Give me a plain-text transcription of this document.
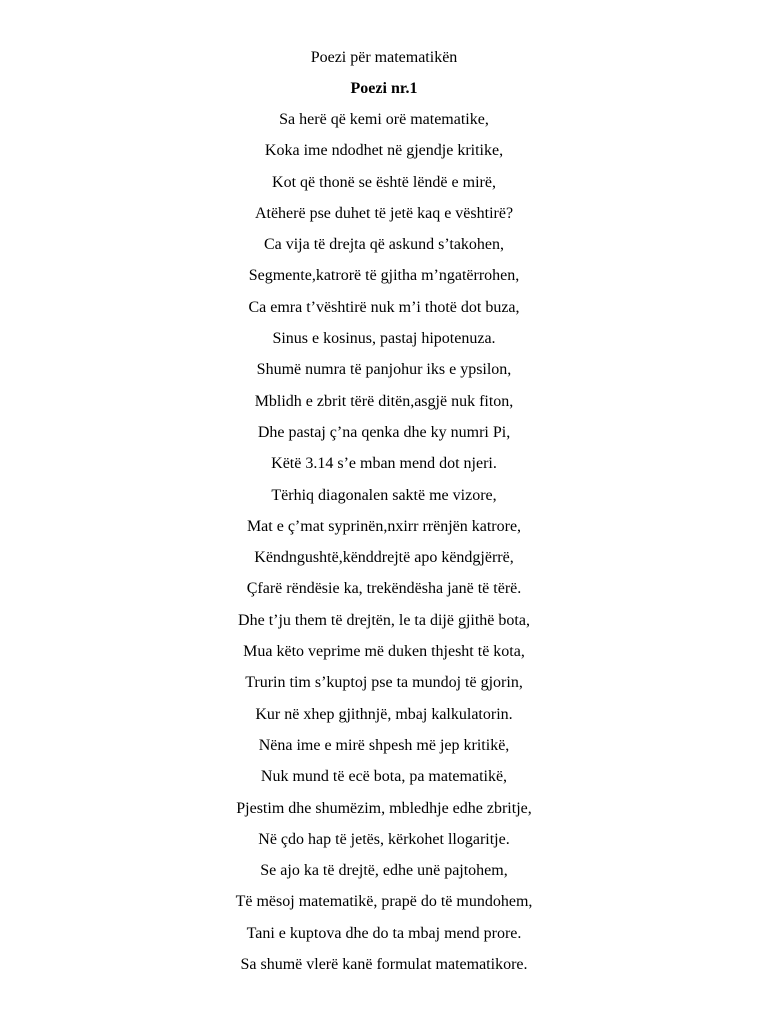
Poezi për matematikën
Poezi nr.1
Sa herë që kemi orë matematike,
Koka ime ndodhet në gjendje kritike,
Kot që thonë se është lëndë e mirë,
Atëherë pse duhet të jetë kaq e vështirë?
Ca vija të drejta që askund s’takohen,
Segmente,katrorë të gjitha m’ngatërrohen,
Ca emra t’vështirë nuk m’i thotë dot buza,
Sinus e kosinus, pastaj hipotenuza.
Shumë numra të panjohur iks e ypsilon,
Mblidh e zbrit tërë ditën,asgjë nuk fiton,
Dhe pastaj ç’na qenka dhe ky numri Pi,
Këtë 3.14 s’e mban mend dot njeri.
Tërhiq diagonalen saktë me vizore,
Mat e ç’mat syprinën,nxirr rrënjën katrore,
Këndngushtë,kënddrejtë apo këndgjërrë,
Çfarë rëndësie ka, trekëndësha janë të tërë.
Dhe t’ju them të drejtën, le ta dijë gjithë bota,
Mua këto veprime më duken thjesht të kota,
Trurin tim s’kuptoj pse ta mundoj të gjorin,
Kur në xhep gjithnjë, mbaj kalkulatorin.
Nëna ime e mirë shpesh më jep kritikë,
Nuk mund të ecë bota, pa matematikë,
Pjestim dhe shumëzim, mbledhje edhe zbritje,
Në çdo hap të jetës, kërkohet llogaritje.
Se ajo ka të drejtë, edhe unë pajtohem,
Të mësoj matematikë, prapë do të mundohem,
Tani e kuptova dhe do ta mbaj mend prore.
Sa shumë vlerë kanë formulat matematikore.
